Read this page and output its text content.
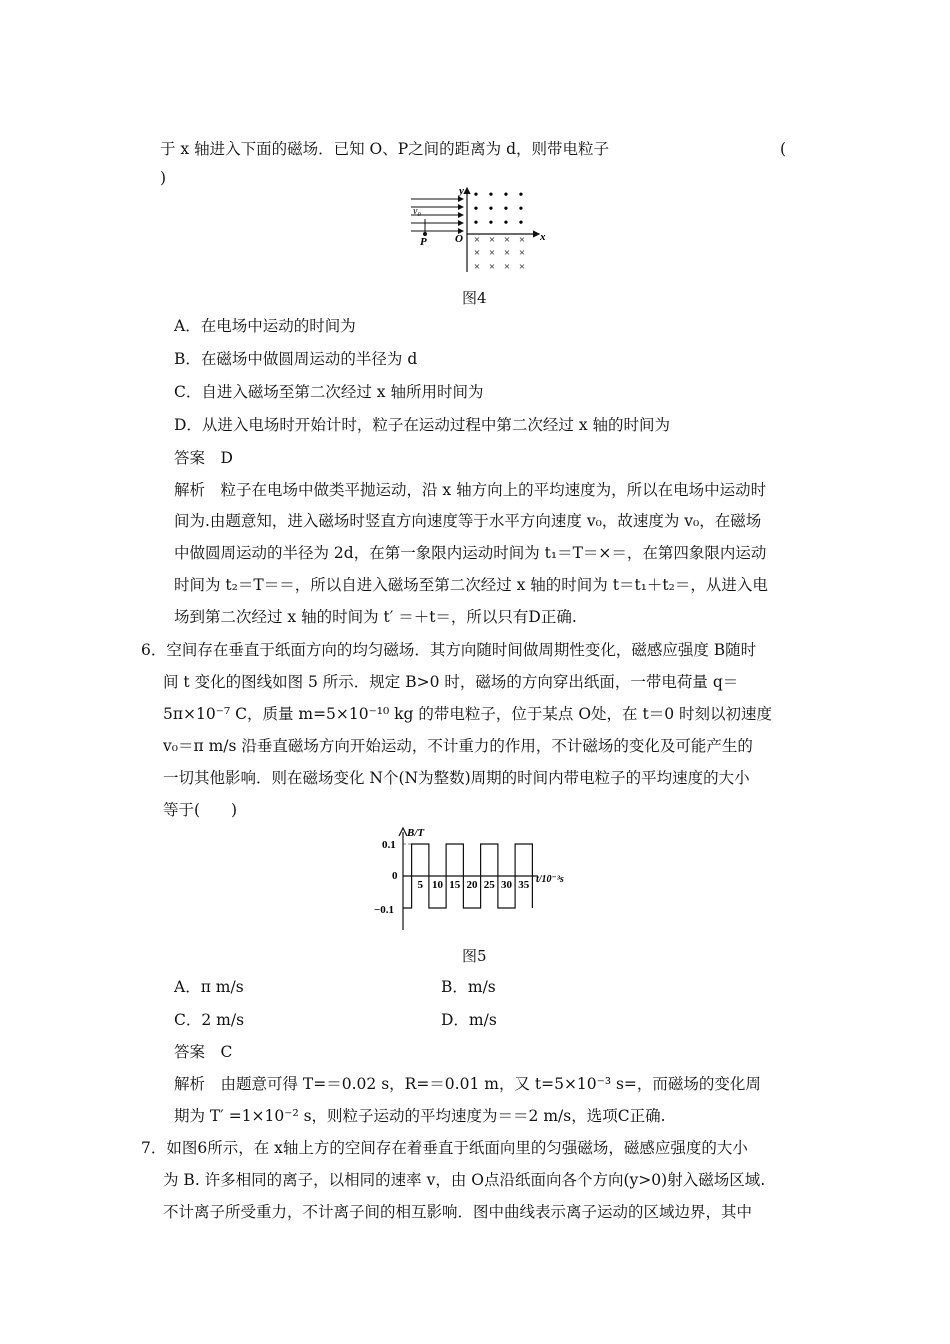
于 x 轴进入下面的磁场．已知 O、P之间的距离为 d，则带电粒子	(
)
y
x
O
P
v₀
• • • •
• • • •
• • • •
× × × ×
× × × ×
× × × ×
图4
A．在电场中运动的时间为
B．在磁场中做圆周运动的半径为 d
C．自进入磁场至第二次经过 x 轴所用时间为
D．从进入电场时开始计时，粒子在运动过程中第二次经过 x 轴的时间为
答案　D
解析　粒子在电场中做类平抛运动，沿 x 轴方向上的平均速度为，所以在电场中运动时
间为.由题意知，进入磁场时竖直方向速度等于水平方向速度 v₀，故速度为 v₀，在磁场
中做圆周运动的半径为 2d，在第一象限内运动时间为 t₁＝T＝×＝，在第四象限内运动
时间为 t₂＝T＝＝，所以自进入磁场至第二次经过 x 轴的时间为 t＝t₁＋t₂＝，从进入电
场到第二次经过 x 轴的时间为 t′ ＝＋t＝，所以只有D正确.
6．空间存在垂直于纸面方向的均匀磁场．其方向随时间做周期性变化，磁感应强度 B随时
间 t 变化的图线如图 5 所示．规定 B>0 时，磁场的方向穿出纸面，一带电荷量 q＝
5π×10⁻⁷ C，质量 m=5×10⁻¹⁰ kg 的带电粒子，位于某点 O处，在 t＝0 时刻以初速度
v₀＝π m/s 沿垂直磁场方向开始运动，不计重力的作用，不计磁场的变化及可能产生的
一切其他影响．则在磁场变化 N个(N为整数)周期的时间内带电粒子的平均速度的大小
等于(　　)
B/T
0.1
0
−0.1
t/10⁻³s
5 10 15 20 25 30 35
图5
A．π m/s	B．m/s
C．2 m/s	D．m/s
答案　C
解析　由题意可得 T=＝0.02 s，R=＝0.01 m，又 t=5×10⁻³ s=，而磁场的变化周
期为 T′ =1×10⁻² s，则粒子运动的平均速度为＝＝2 m/s，选项C正确.
7．如图6所示，在 x轴上方的空间存在着垂直于纸面向里的匀强磁场，磁感应强度的大小
为 B. 许多相同的离子，以相同的速率 v，由 O点沿纸面向各个方向(y>0)射入磁场区域.
不计离子所受重力，不计离子间的相互影响．图中曲线表示离子运动的区域边界，其中
